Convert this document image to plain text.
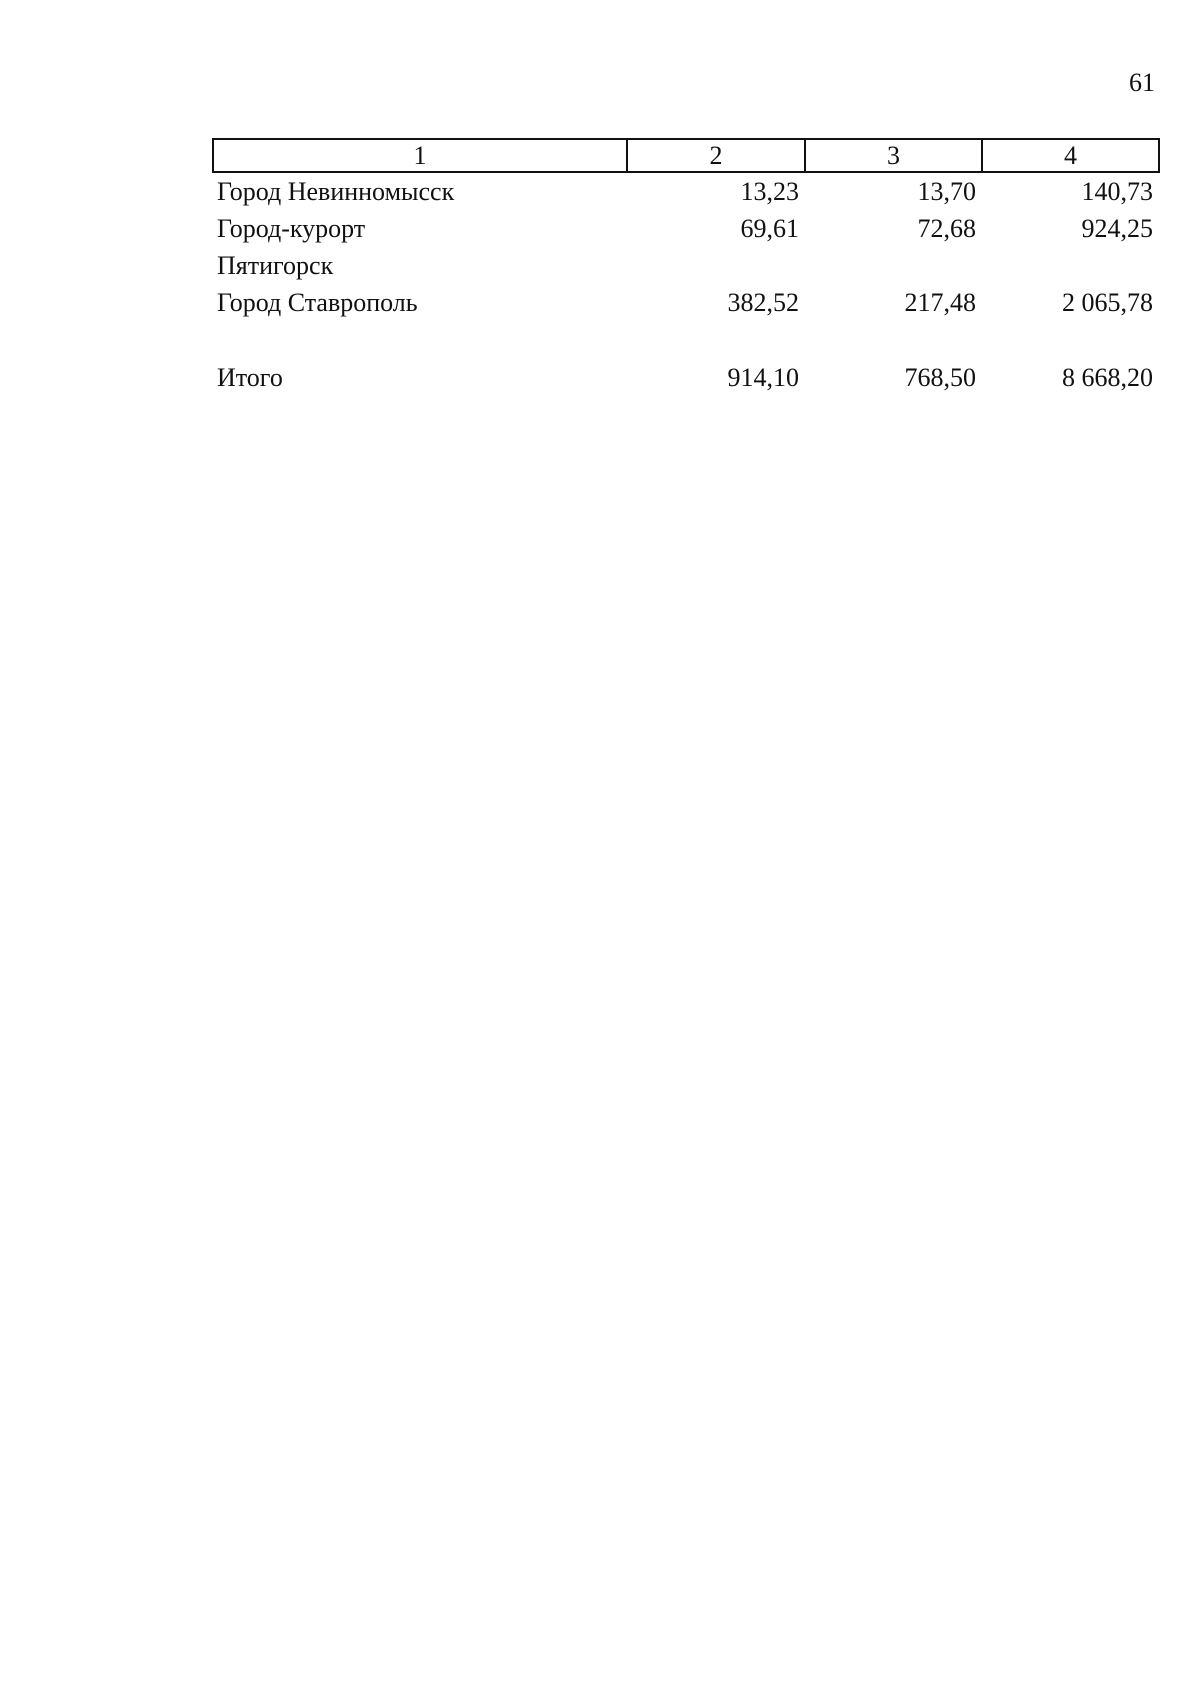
61
1	2	3	4
Город Невинномысск	13,23	13,70	140,73
Город-курорт	69,61	72,68	924,25
Пятигорск			
Город Ставрополь	382,52	217,48	2 065,78

Итого	914,10	768,50	8 668,20
